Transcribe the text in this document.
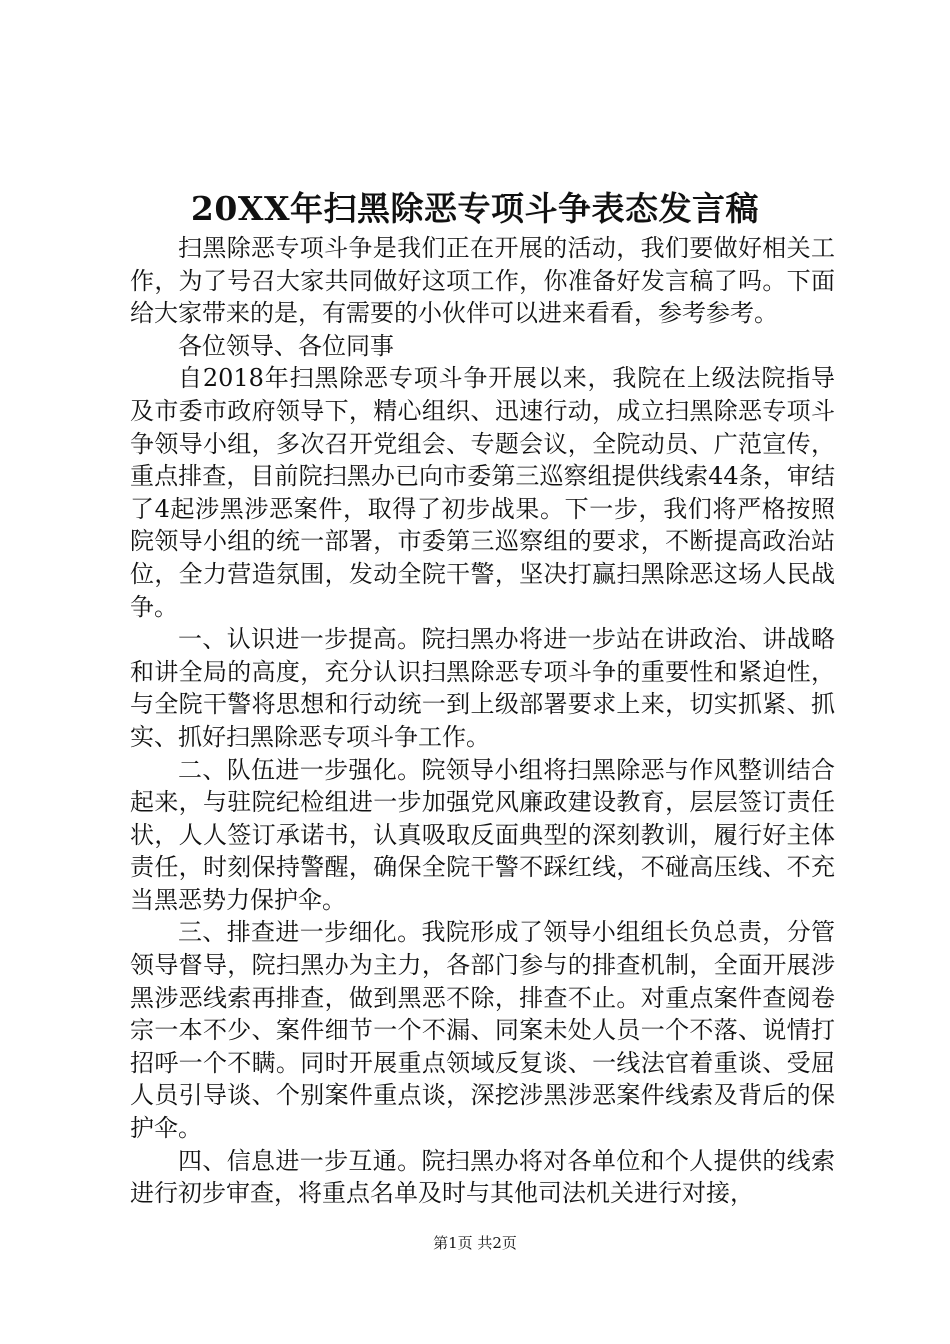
20XX年扫黑除恶专项斗争表态发言稿

扫黑除恶专项斗争是我们正在开展的活动，我们要做好相关工作，为了号召大家共同做好这项工作，你准备好发言稿了吗。下面给大家带来的是，有需要的小伙伴可以进来看看，参考参考。

各位领导、各位同事

自2018年扫黑除恶专项斗争开展以来，我院在上级法院指导及市委市政府领导下，精心组织、迅速行动，成立扫黑除恶专项斗争领导小组，多次召开党组会、专题会议，全院动员、广范宣传，重点排查，目前院扫黑办已向市委第三巡察组提供线索44条，审结了4起涉黑涉恶案件，取得了初步战果。下一步，我们将严格按照院领导小组的统一部署，市委第三巡察组的要求，不断提高政治站位，全力营造氛围，发动全院干警，坚决打赢扫黑除恶这场人民战争。

一、认识进一步提高。院扫黑办将进一步站在讲政治、讲战略和讲全局的高度，充分认识扫黑除恶专项斗争的重要性和紧迫性，与全院干警将思想和行动统一到上级部署要求上来，切实抓紧、抓实、抓好扫黑除恶专项斗争工作。

二、队伍进一步强化。院领导小组将扫黑除恶与作风整训结合起来，与驻院纪检组进一步加强党风廉政建设教育，层层签订责任状，人人签订承诺书，认真吸取反面典型的深刻教训，履行好主体责任，时刻保持警醒，确保全院干警不踩红线，不碰高压线、不充当黑恶势力保护伞。

三、排查进一步细化。我院形成了领导小组组长负总责，分管领导督导，院扫黑办为主力，各部门参与的排查机制，全面开展涉黑涉恶线索再排查，做到黑恶不除，排查不止。对重点案件查阅卷宗一本不少、案件细节一个不漏、同案未处人员一个不落、说情打招呼一个不瞒。同时开展重点领域反复谈、一线法官着重谈、受屈人员引导谈、个别案件重点谈，深挖涉黑涉恶案件线索及背后的保护伞。

四、信息进一步互通。院扫黑办将对各单位和个人提供的线索进行初步审查，将重点名单及时与其他司法机关进行对接，

第1页 共2页
